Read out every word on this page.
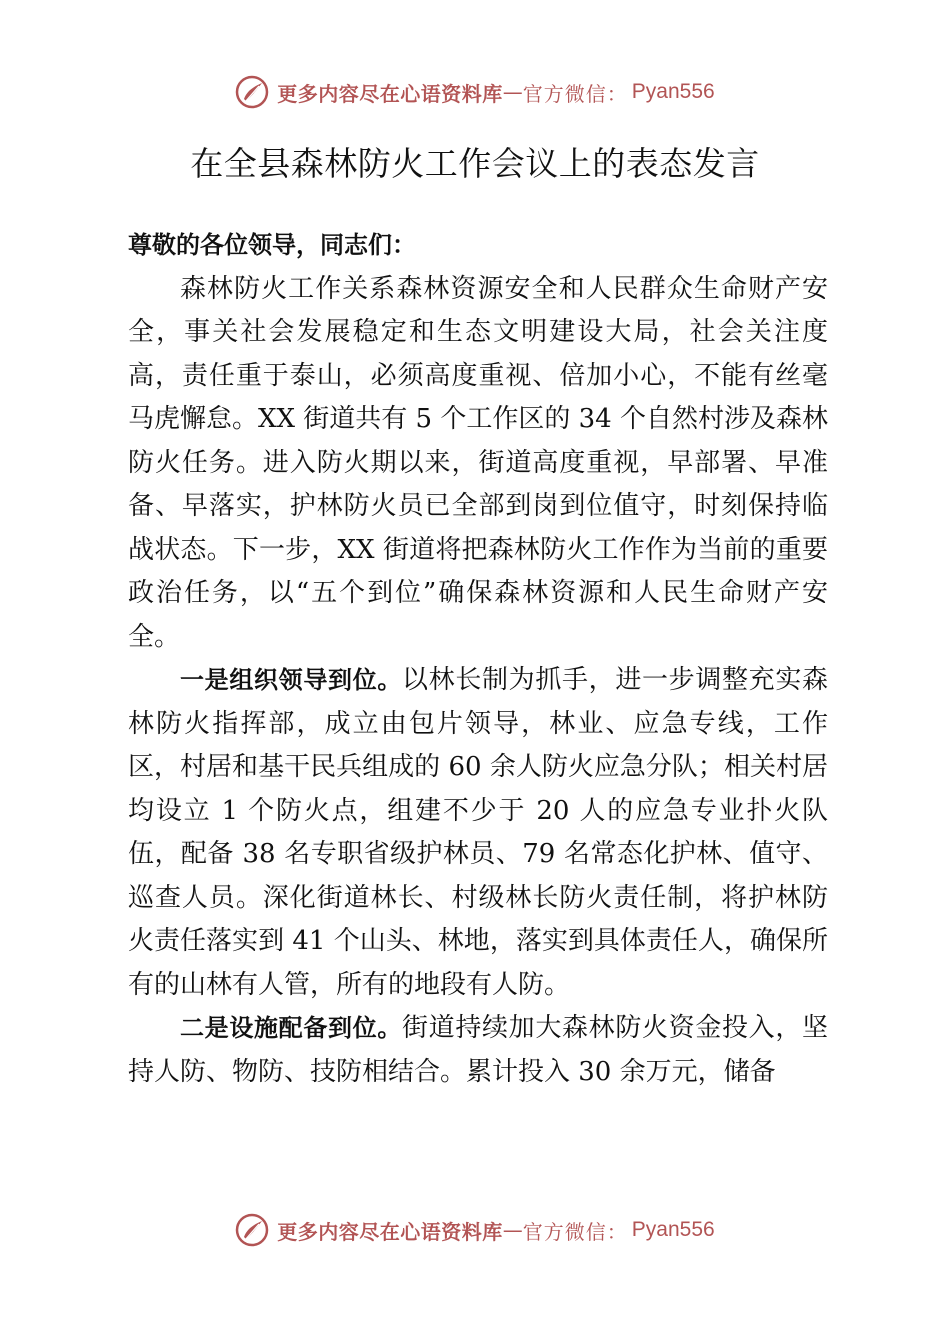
更多内容尽在心语资料库 — 官方微信： Pyan556
在全县森林防火工作会议上的表态发言
尊敬的各位领导，同志们：

森林防火工作关系森林资源安全和人民群众生命财产安全，事关社会发展稳定和生态文明建设大局，社会关注度高，责任重于泰山，必须高度重视、倍加小心，不能有丝毫马虎懈怠。XX 街道共有 5 个工作区的 34 个自然村涉及森林防火任务。进入防火期以来，街道高度重视，早部署、早准备、早落实，护林防火员已全部到岗到位值守，时刻保持临战状态。下一步，XX 街道将把森林防火工作作为当前的重要政治任务，以“五个到位”确保森林资源和人民生命财产安全。

一是组织领导到位。以林长制为抓手，进一步调整充实森林防火指挥部，成立由包片领导，林业、应急专线，工作区，村居和基干民兵组成的 60 余人防火应急分队；相关村居均设立 1 个防火点，组建不少于 20 人的应急专业扑火队伍，配备 38 名专职省级护林员、79 名常态化护林、值守、巡查人员。深化街道林长、村级林长防火责任制，将护林防火责任落实到 41 个山头、林地，落实到具体责任人，确保所有的山林有人管，所有的地段有人防。

二是设施配备到位。街道持续加大森林防火资金投入，坚持人防、物防、技防相结合。累计投入 30 余万元，储备

更多内容尽在心语资料库 — 官方微信： Pyan556
